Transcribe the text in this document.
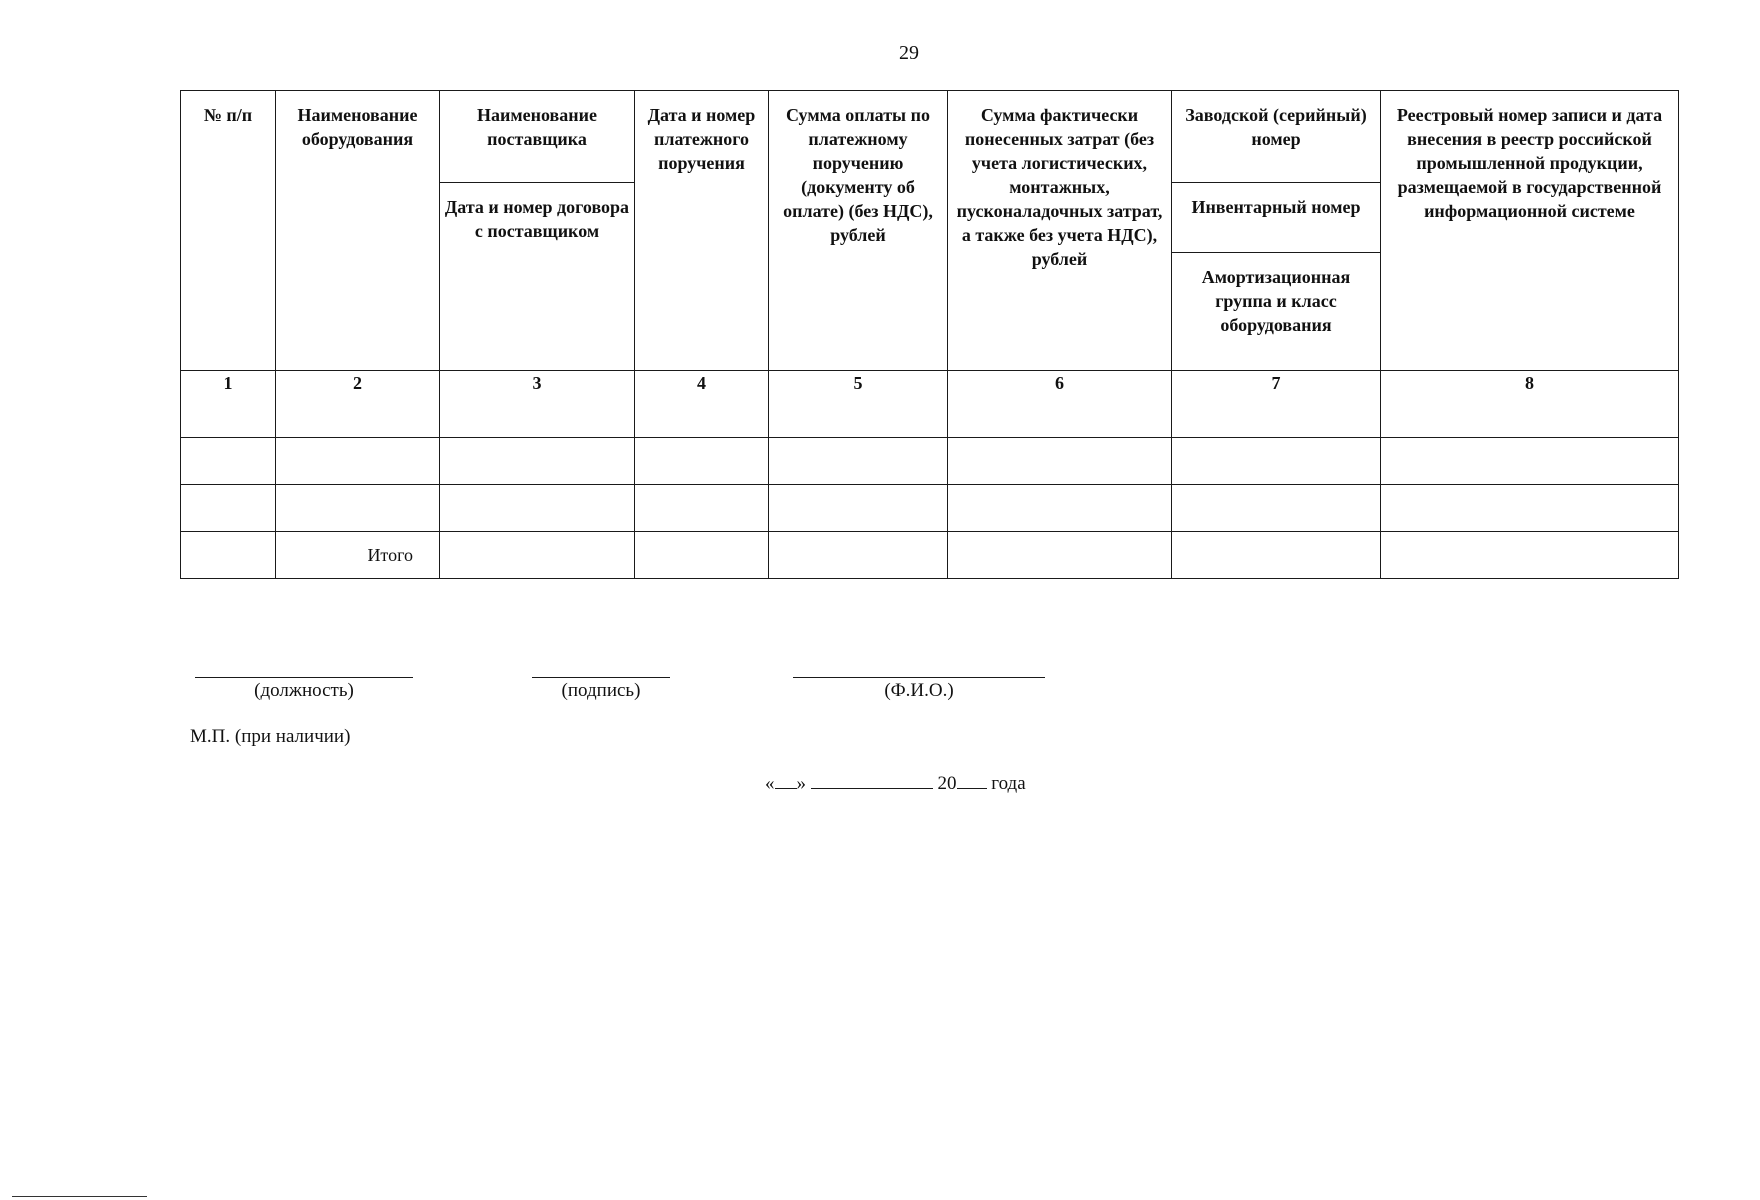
29
№ п/п	Наименование оборудования	Наименование поставщика	Дата и номер платежного поручения	Сумма оплаты по платежному поручению (документу об оплате) (без НДС), рублей	Сумма фактически понесенных затрат (без учета логистических, монтажных, пусконаладочных затрат, а также без учета НДС), рублей	Заводской (серийный) номер	Реестровый номер записи и дата внесения в реестр российской промышленной продукции, размещаемой в государственной информационной системе
		Дата и номер договора с поставщиком				Инвентарный номер	
						Амортизационная группа и класс оборудования	
1	2	3	4	5	6	7	8

	Итого						
(должность)	(подпись)	(Ф.И.О.)
М.П. (при наличии)
« »	20 года
